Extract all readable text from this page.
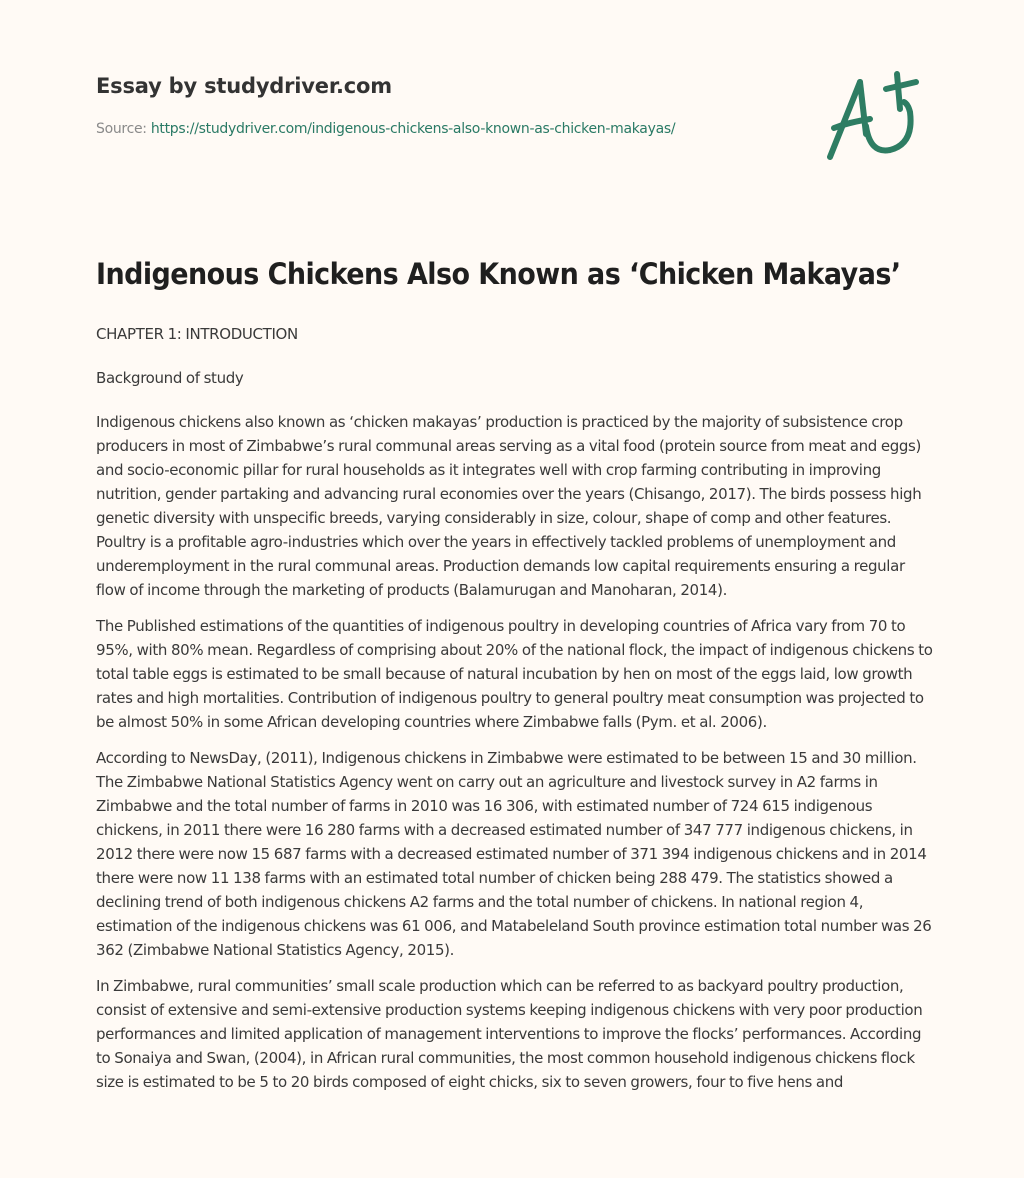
Essay by studydriver.com
Source: https://studydriver.com/indigenous-chickens-also-known-as-chicken-makayas/
Indigenous Chickens Also Known as ‘Chicken Makayas’

CHAPTER 1: INTRODUCTION

Background of study

Indigenous chickens also known as ‘chicken makayas’ production is practiced by the majority of subsistence crop producers in most of Zimbabwe’s rural communal areas serving as a vital food (protein source from meat and eggs) and socio-economic pillar for rural households as it integrates well with crop farming contributing in improving nutrition, gender partaking and advancing rural economies over the years (Chisango, 2017). The birds possess high genetic diversity with unspecific breeds, varying considerably in size, colour, shape of comp and other features. Poultry is a profitable agro-industries which over the years in effectively tackled problems of unemployment and underemployment in the rural communal areas. Production demands low capital requirements ensuring a regular flow of income through the marketing of products (Balamurugan and Manoharan, 2014).

The Published estimations of the quantities of indigenous poultry in developing countries of Africa vary from 70 to 95%, with 80% mean. Regardless of comprising about 20% of the national flock, the impact of indigenous chickens to total table eggs is estimated to be small because of natural incubation by hen on most of the eggs laid, low growth rates and high mortalities. Contribution of indigenous poultry to general poultry meat consumption was projected to be almost 50% in some African developing countries where Zimbabwe falls (Pym. et al. 2006).

According to NewsDay, (2011), Indigenous chickens in Zimbabwe were estimated to be between 15 and 30 million. The Zimbabwe National Statistics Agency went on carry out an agriculture and livestock survey in A2 farms in Zimbabwe and the total number of farms in 2010 was 16 306, with estimated number of 724 615 indigenous chickens, in 2011 there were 16 280 farms with a decreased estimated number of 347 777 indigenous chickens, in 2012 there were now 15 687 farms with a decreased estimated number of 371 394 indigenous chickens and in 2014 there were now 11 138 farms with an estimated total number of chicken being 288 479. The statistics showed a declining trend of both indigenous chickens A2 farms and the total number of chickens. In national region 4, estimation of the indigenous chickens was 61 006, and Matabeleland South province estimation total number was 26 362 (Zimbabwe National Statistics Agency, 2015).

In Zimbabwe, rural communities’ small scale production which can be referred to as backyard poultry production, consist of extensive and semi-extensive production systems keeping indigenous chickens with very poor production performances and limited application of management interventions to improve the flocks’ performances. According to Sonaiya and Swan, (2004), in African rural communities, the most common household indigenous chickens flock size is estimated to be 5 to 20 birds composed of eight chicks, six to seven growers, four to five hens and
